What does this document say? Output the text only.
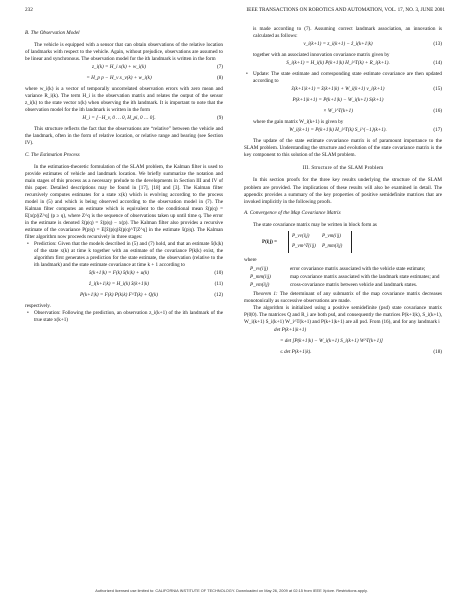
232	IEEE TRANSACTIONS ON ROBOTICS AND AUTOMATION, VOL. 17, NO. 3, JUNE 2001
B. The Observation Model

The vehicle is equipped with a sensor that can obtain observations of the relative location of landmarks with respect to the vehicle. Again, without prejudice, observations are assumed to be linear and synchronous. The observation model for the ith landmark is written in the form

z_i(k) = H_i x(k) + w_i(k)	(7)
= H_p p − H_v x_v(k) + w_i(k)	(8)

where w_i(k) is a vector of temporally uncorrelated observation errors with zero mean and variance R_i(k). The term H_i is the observation matrix and relates the output of the sensor z_i(k) to the state vector x(k) when observing the ith landmark. It is important to note that the observation model for the ith landmark is written in the form

H_i = [−H_v, 0 … 0, H_pi, 0 … 0].	(9)

This structure reflects the fact that the observations are “relative” between the vehicle and the landmark, often in the form of relative location, or relative range and bearing (see Section IV).

C. The Estimation Process

In the estimation-theoretic formulation of the SLAM problem, the Kalman filter is used to provide estimates of vehicle and landmark location. We briefly summarize the notation and main stages of this process as a necessary prelude to the developments in Section III and IV of this paper. Detailed descriptions may be found in [17], [18] and [3]. The Kalman filter recursively computes estimates for a state x(k) which is evolving according to the process model in (5) and which is being observed according to the observation model in (7). The Kalman filter computes an estimate which is equivalent to the conditional mean x̂(p|q) = E[x(p)|Z^q] (p ≥ q), where Z^q is the sequence of observations taken up until time q. The error in the estimate is denoted x̃(p|q) = x̂(p|q) − x(p). The Kalman filter also provides a recursive estimate of the covariance P(p|q) = E[x̃(p|q)x̃(p|q)^T|Z^q] in the estimate x̂(p|q). The Kalman filter algorithm now proceeds recursively in three stages:

• Prediction: Given that the models described in (5) and (7) hold, and that an estimate x̂(k|k) of the state x(k) at time k together with an estimate of the covariance P(k|k) exist, the algorithm first generates a prediction for the state estimate, the observation (relative to the ith landmark) and the state estimate covariance at time k + 1 according to
x̂(k+1|k) = F(k) x̂(k|k) + u(k)	(10)
ẑ_i(k+1|k) = H_i(k) x̂(k+1|k)	(11)
P(k+1|k) = F(k) P(k|k) F^T(k) + Q(k)	(12)

respectively.

• Observation: Following the prediction, an observation z_i(k+1) of the ith landmark of the true state x(k+1)

is made according to (7). Assuming correct landmark association, an innovation is calculated as follows:

ν_i(k+1) = z_i(k+1) − ẑ_i(k+1|k)	(13)

together with an associated innovation covariance matrix given by

S_i(k+1) = H_i(k) P(k+1|k) H_i^T(k) + R_i(k+1).	(14)
• Update: The state estimate and corresponding state estimate covariance are then updated according to
x̂(k+1|k+1) = x̂(k+1|k) + W_i(k+1) ν_i(k+1)	(15)
P(k+1|k+1) = P(k+1|k) − W_i(k+1) S(k+1)
× W_i^T(k+1)	(16)

where the gain matrix W_i(k+1) is given by

W_i(k+1) = P(k+1|k) H_i^T(k) S_i^{−1}(k+1).	(17)

The update of the state estimate covariance matrix is of paramount importance to the SLAM problem. Understanding the structure and evolution of the state covariance matrix is the key component to this solution of the SLAM problem.

III. Structure of the SLAM Problem

In this section proofs for the three key results underlying the structure of the SLAM problem are provided. The implications of these results will also be examined in detail. The appendix provides a summary of the key properties of positive semidefinite matrices that are invoked implicitly in the following proofs.

A. Convergence of the Map Covariance Matrix

The state covariance matrix may be written in block form as

P(i|j) =
P_vv(i|j)	P_vm(i|j)
P_vm^T(i|j) P_mm(i|j)

where

P_vv(i|j)	error covariance matrix associated with the vehicle state estimate;
P_mm(i|j)	map covariance matrix associated with the landmark state estimates; and
P_vm(i|j)	cross-covariance matrix between vehicle and landmark states.
Theorem 1: The determinant of any submatrix of the map covariance matrix decreases monotonically as successive observations are made.

The algorithm is initialized using a positive semidefinite (psd) state covariance matrix P(0|0). The matrices Q and R_i are both psd, and consequently the matrices P(k+1|k), S_i(k+1), W_i(k+1) S_i(k+1) W_i^T(k+1) and P(k+1|k+1) are all psd. From (16), and for any landmark i

det P(k+1|k+1)
= det [P(k+1|k) − W_i(k+1) S_i(k+1) W^T(k+1)]
≤ det P(k+1|k).	(18)
Authorized licensed use limited to: CALIFORNIA INSTITUTE OF TECHNOLOGY. Downloaded on May 26, 2009 at 02:15 from IEEE Xplore. Restrictions apply.
